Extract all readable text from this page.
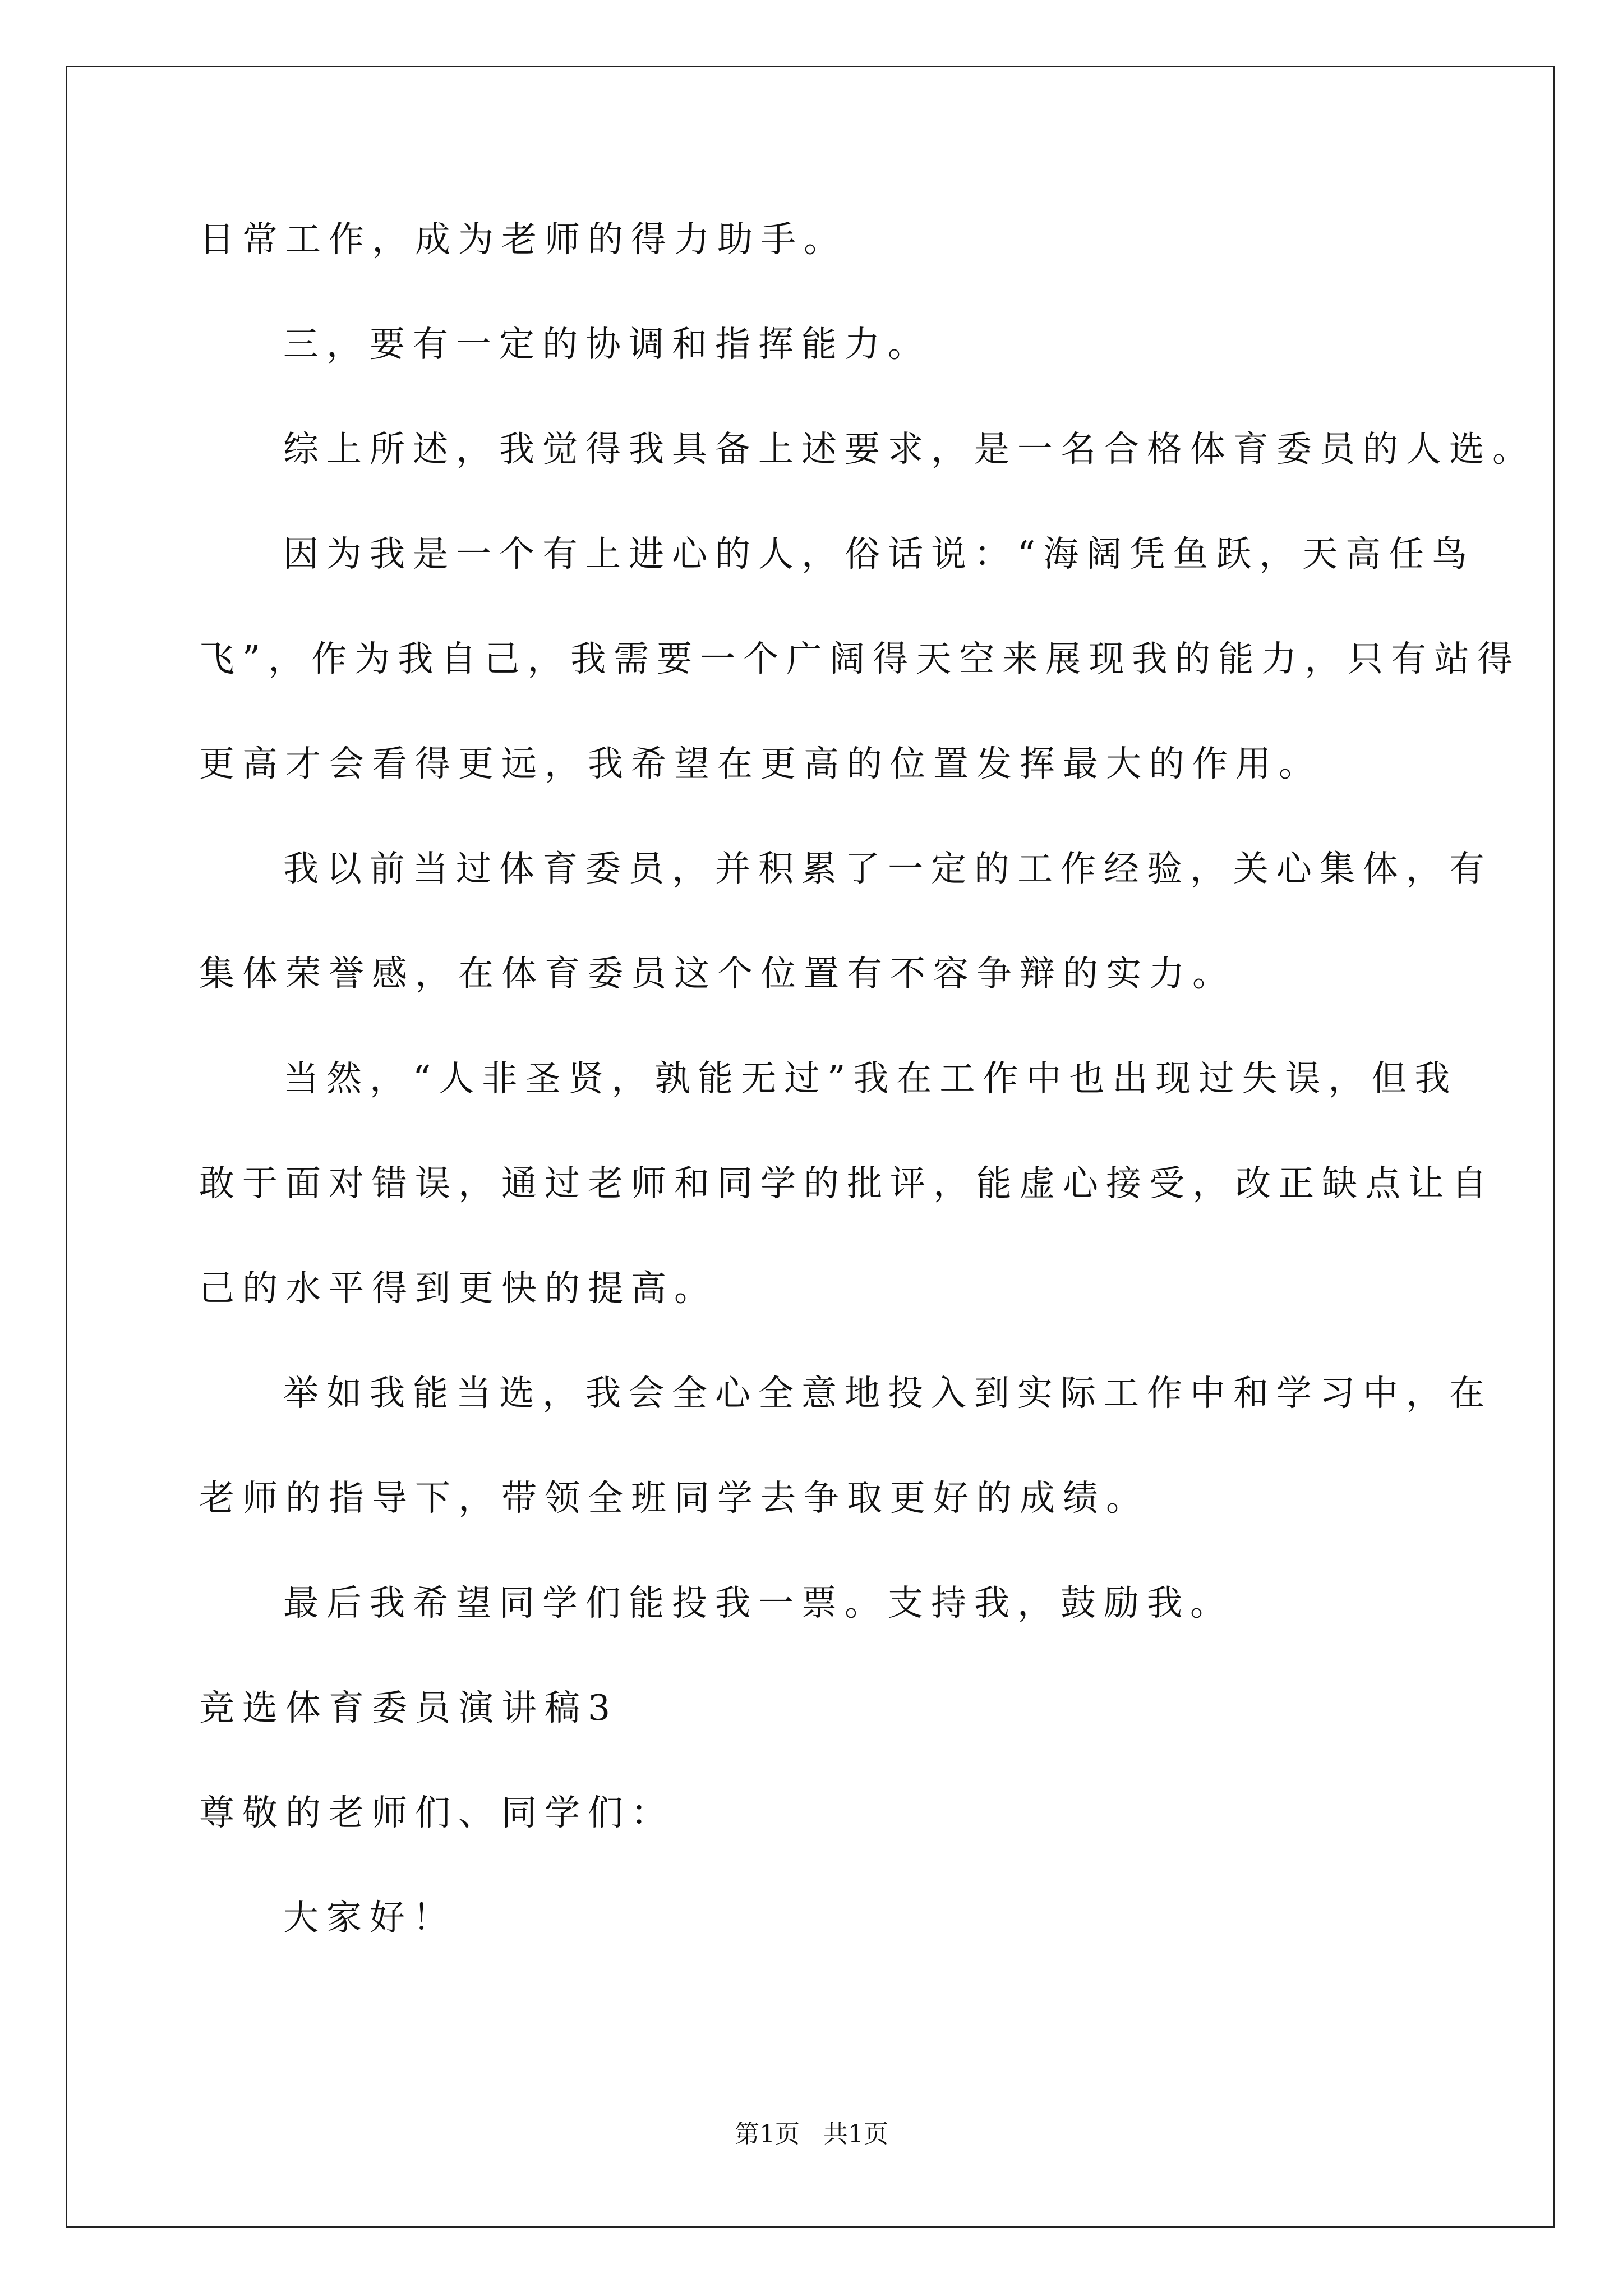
日常工作，成为老师的得力助手。
三，要有一定的协调和指挥能力。
综上所述，我觉得我具备上述要求，是一名合格体育委员的人选。
因为我是一个有上进心的人，俗话说：“海阔凭鱼跃，天高任鸟
飞”，作为我自己，我需要一个广阔得天空来展现我的能力，只有站得
更高才会看得更远，我希望在更高的位置发挥最大的作用。
我以前当过体育委员，并积累了一定的工作经验，关心集体，有
集体荣誉感，在体育委员这个位置有不容争辩的实力。
当然，“人非圣贤，孰能无过”我在工作中也出现过失误，但我
敢于面对错误，通过老师和同学的批评，能虚心接受，改正缺点让自
己的水平得到更快的提高。
举如我能当选，我会全心全意地投入到实际工作中和学习中，在
老师的指导下，带领全班同学去争取更好的成绩。
最后我希望同学们能投我一票。支持我，鼓励我。
竞选体育委员演讲稿3
尊敬的老师们、同学们：
大家好！
第1页   共1页
